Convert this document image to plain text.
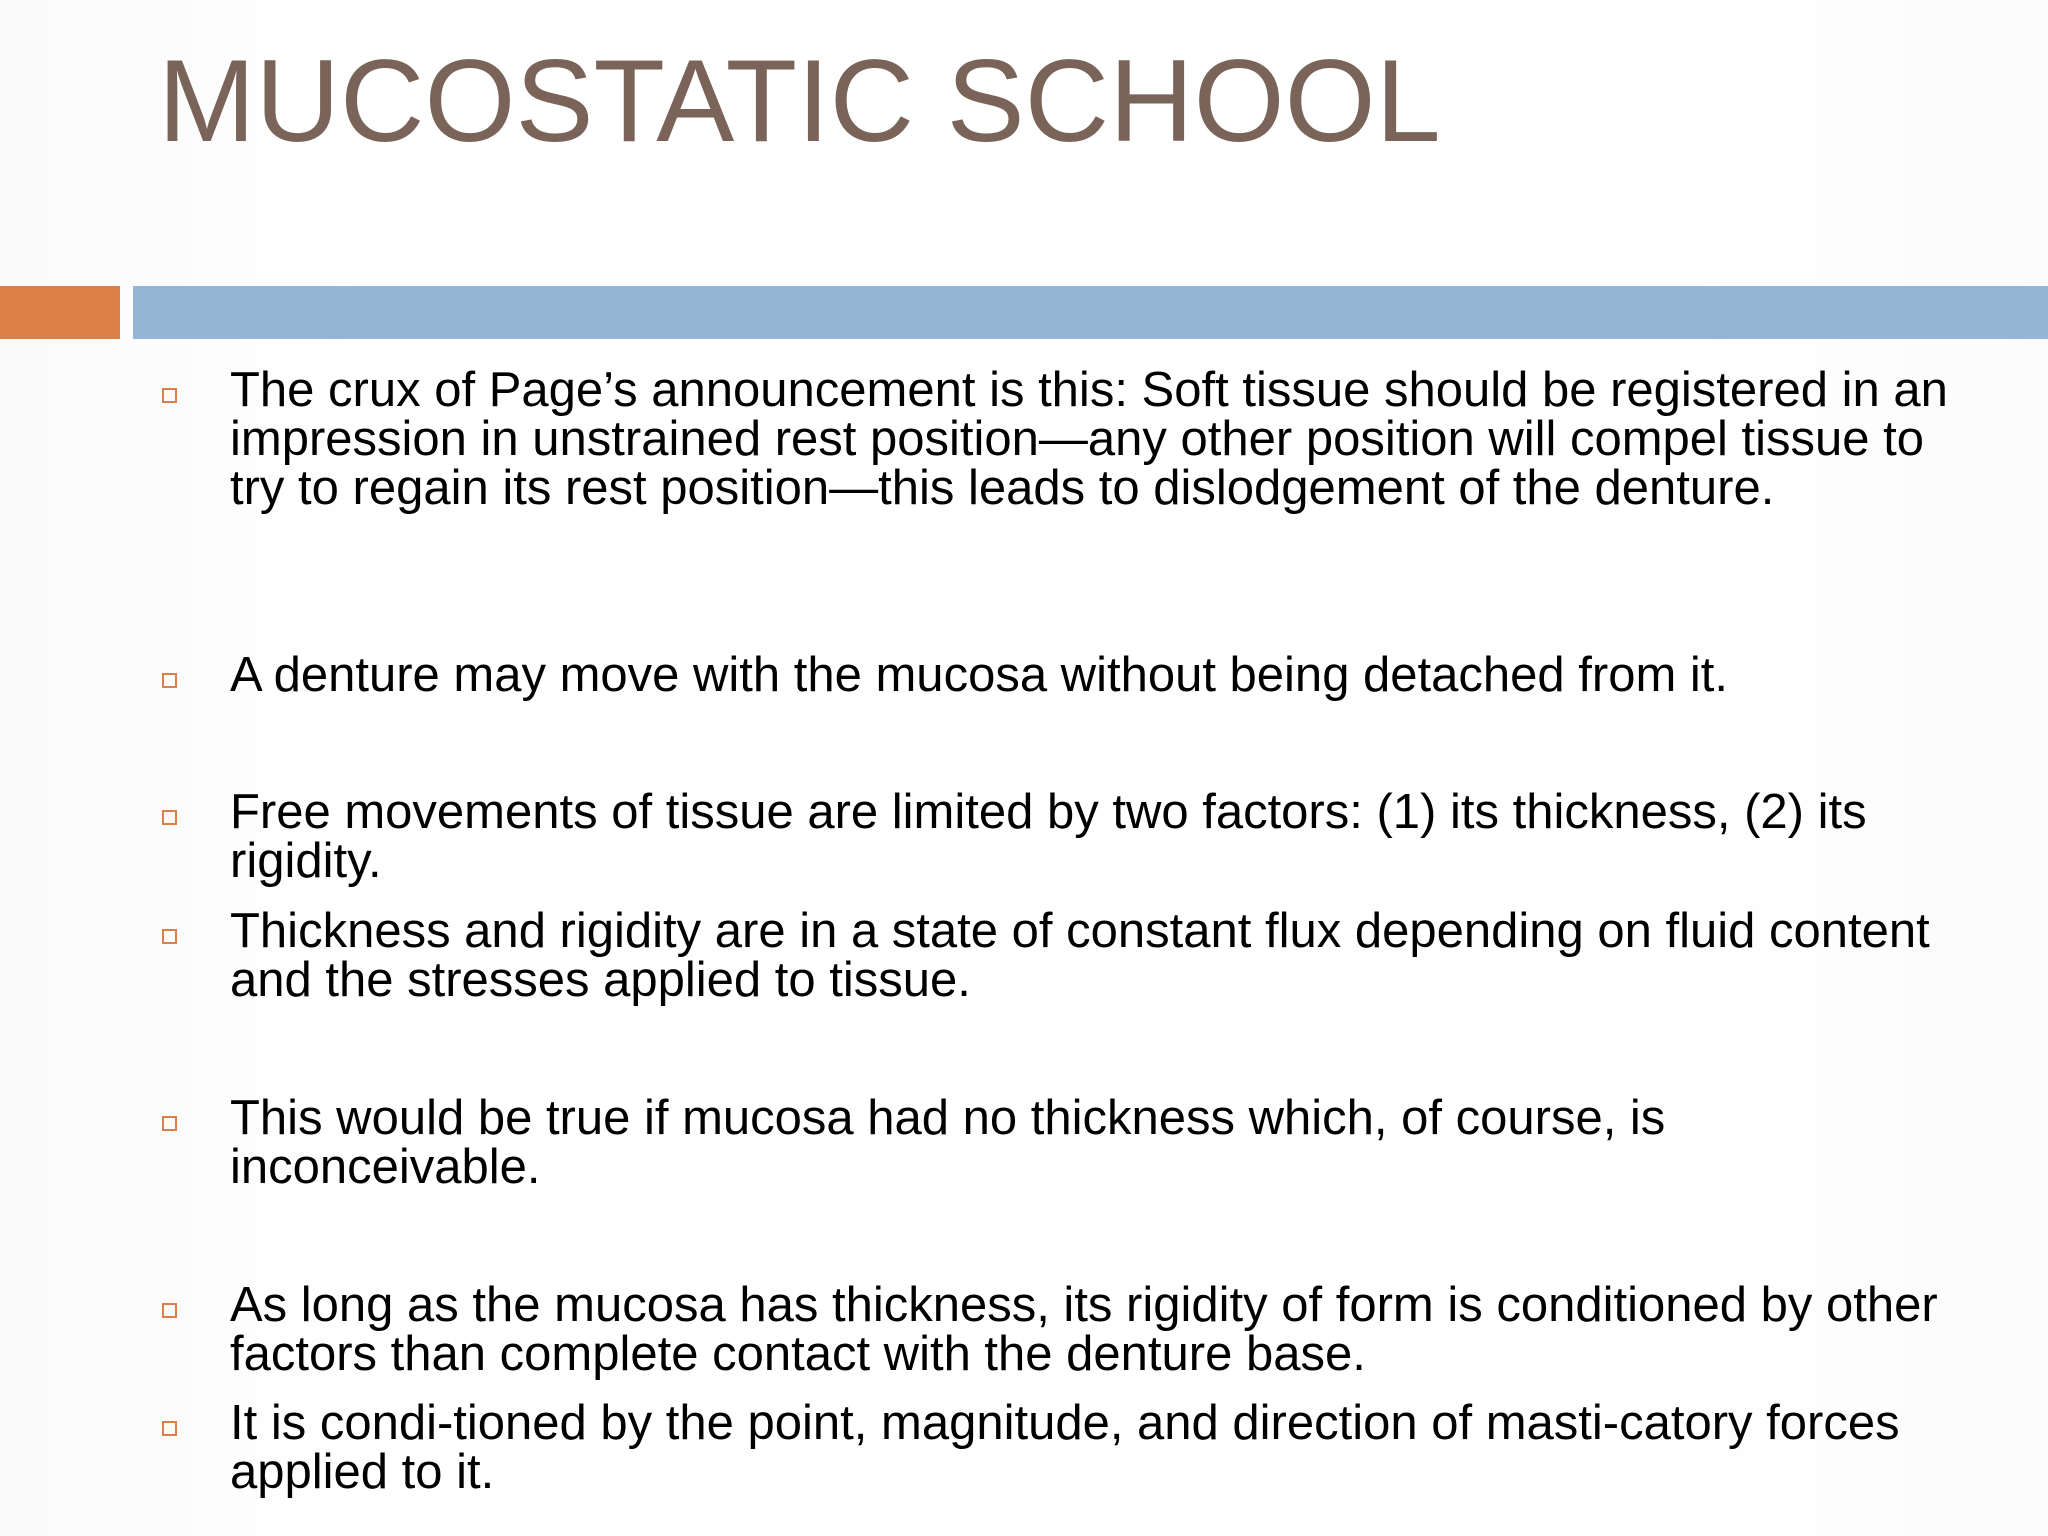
MUCOSTATIC SCHOOL
The crux of Page’s announcement is this: Soft tissue should be registered in an impression in unstrained rest position—any other position will compel tissue to try to regain its rest position—this leads to dislodgement of the denture.
A denture may move with the mucosa without being detached from it.
Free movements of tissue are limited by two factors: (1) its thickness, (2) its rigidity.
Thickness and rigidity are in a state of constant flux depending on fluid content and the stresses applied to tissue.
This would be true if mucosa had no thickness which, of course, is inconceivable.
As long as the mucosa has thickness, its rigidity of form is conditioned by other factors than complete contact with the denture base.
It is condi-tioned by the point, magnitude, and direction of masti-catory forces applied to it.
